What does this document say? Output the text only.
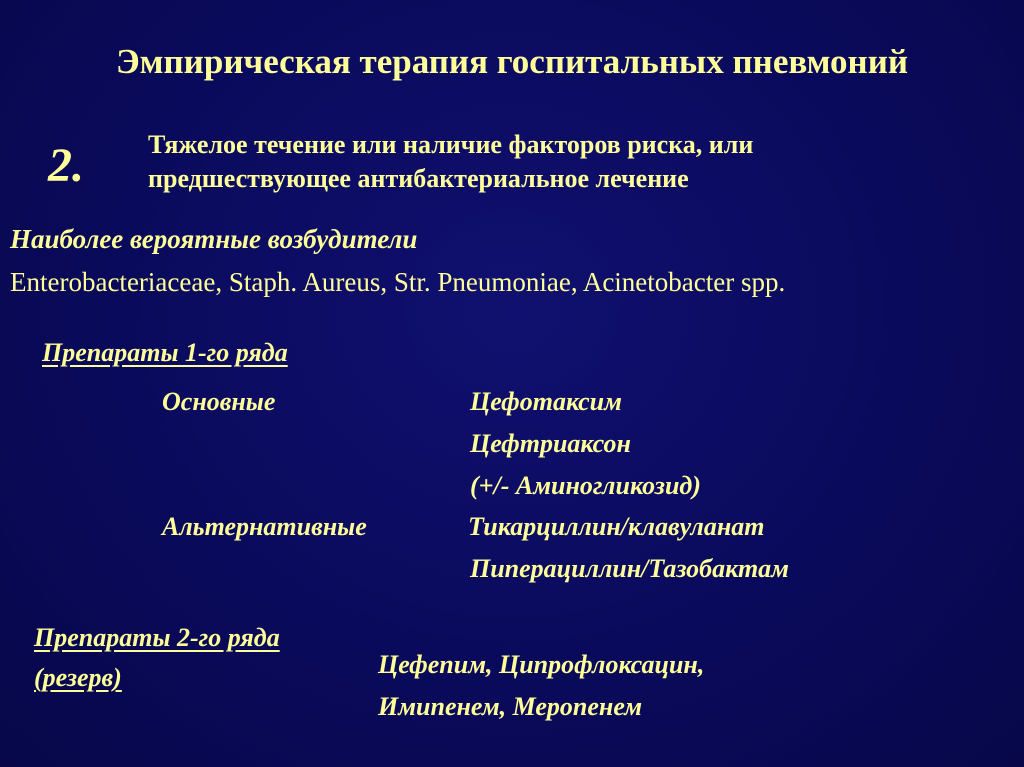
Эмпирическая терапия госпитальных пневмоний
2. Тяжелое течение или наличие факторов риска, или
предшествующее антибактериальное лечение
Наиболее вероятные возбудители
Enterobacteriaceae, Staph. Aureus, Str. Pneumoniae, Acinetobacter spp.
Препараты 1-го ряда
Основные	Цефотаксим
Цефтриаксон
(+/- Аминогликозид)
Альтернативные	Тикарциллин/клавуланат
Пиперациллин/Тазобактам
Препараты 2-го ряда
(резерв)	Цефепим, Ципрофлоксацин,
Имипенем, Меропенем
